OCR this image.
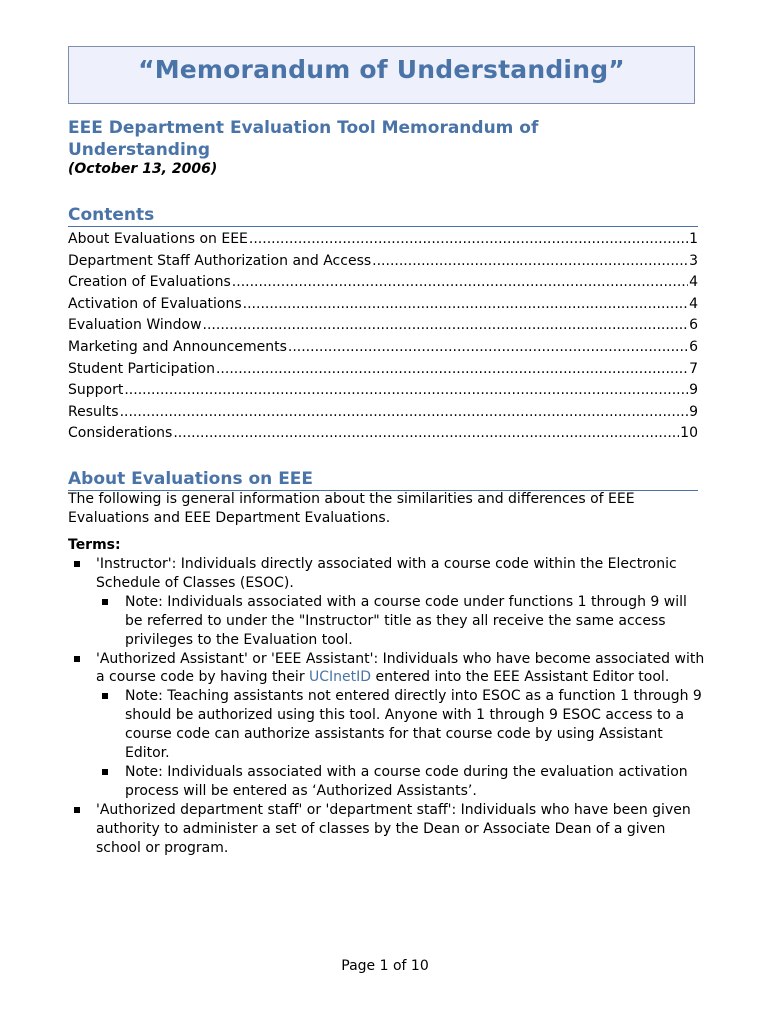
“Memorandum of Understanding”
EEE Department Evaluation Tool Memorandum of Understanding
(October 13, 2006)
Contents
About Evaluations on EEE .....	1
Department Staff Authorization and Access .....	3
Creation of Evaluations .....	4
Activation of Evaluations .....	4
Evaluation Window .....	6
Marketing and Announcements .....	6
Student Participation .....	7
Support .....	9
Results .....	9
Considerations .....	10
About Evaluations on EEE

The following is general information about the similarities and differences of EEE Evaluations and EEE Department Evaluations.

Terms:
'Instructor': Individuals directly associated with a course code within the Electronic Schedule of Classes (ESOC).
Note: Individuals associated with a course code under functions 1 through 9 will be referred to under the "Instructor" title as they all receive the same access privileges to the Evaluation tool.
'Authorized Assistant' or 'EEE Assistant': Individuals who have become associated with a course code by having their UCInetID entered into the EEE Assistant Editor tool.
Note: Teaching assistants not entered directly into ESOC as a function 1 through 9 should be authorized using this tool. Anyone with 1 through 9 ESOC access to a course code can authorize assistants for that course code by using Assistant Editor.
Note: Individuals associated with a course code during the evaluation activation process will be entered as ‘Authorized Assistants’.
'Authorized department staff' or 'department staff': Individuals who have been given authority to administer a set of classes by the Dean or Associate Dean of a given school or program.
Page 1 of 10
